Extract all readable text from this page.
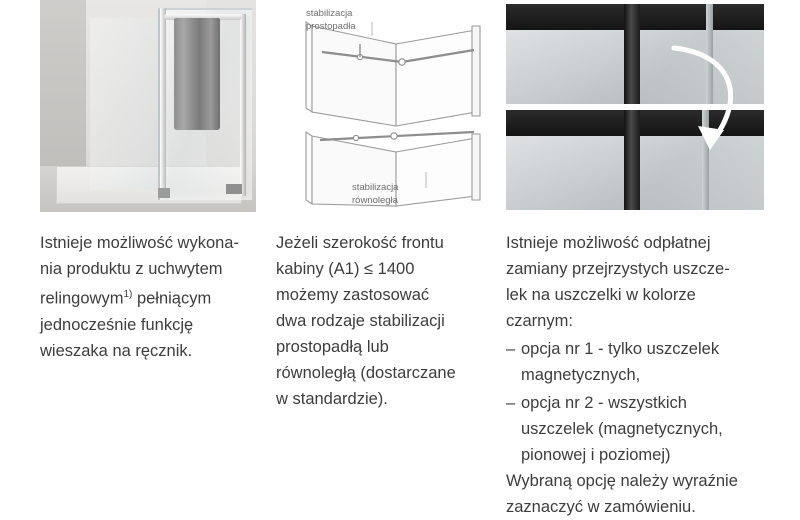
Istnieje możliwość wykona-
nia produktu z uchwytem
relingowym$^{1)}$ pełniącym
jednocześnie funkcję
wieszaka na ręcznik.

stabilizacja
prostopadła
stabilizacja
równoległa

Jeżeli szerokość frontu
kabiny (A1) ≤ 1400
możemy zastosować
dwa rodzaje stabilizacji
prostopadłą lub
równoległą (dostarczane
w standardzie).

Istnieje możliwość odpłatnej
zamiany przejrzystych uszcze-
lek na uszczelki w kolorze
czarnym:

– opcja nr 1 - tylko uszczelek
magnetycznych,
– opcja nr 2 - wszystkich
uszczelek (magnetycznych,
pionowej i poziomej)

Wybraną opcję należy wyraźnie
zaznaczyć w zamówieniu.
